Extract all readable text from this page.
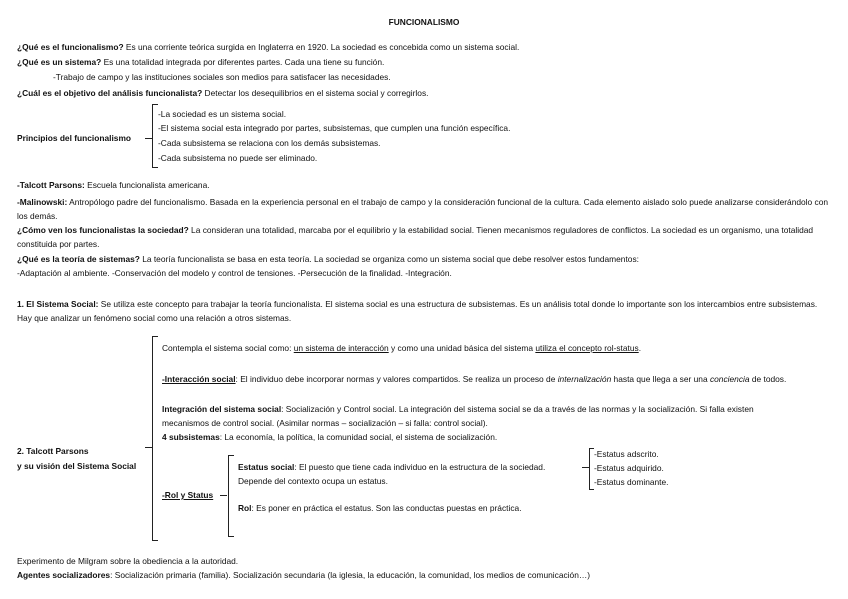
FUNCIONALISMO
¿Qué es el funcionalismo? Es una corriente teórica surgida en Inglaterra en 1920. La sociedad es concebida como un sistema social.
¿Qué es un sistema? Es una totalidad integrada por diferentes partes. Cada una tiene su función.
-Trabajo de campo y las instituciones sociales son medios para satisfacer las necesidades.
¿Cuál es el objetivo del análisis funcionalista? Detectar los desequilibrios en el sistema social y corregirlos.
Principios del funcionalismo
-La sociedad es un sistema social.
-El sistema social esta integrado por partes, subsistemas, que cumplen una función específica.
-Cada subsistema se relaciona con los demás subsistemas.
-Cada subsistema no puede ser eliminado.
-Talcott Parsons: Escuela funcionalista americana.
-Malinowski: Antropólogo padre del funcionalismo. Basada en la experiencia personal en el trabajo de campo y la consideración funcional de la cultura. Cada elemento aislado solo puede analizarse considerándolo con los demás.
¿Cómo ven los funcionalistas la sociedad? La consideran una totalidad, marcaba por el equilibrio y la estabilidad social. Tienen mecanismos reguladores de conflictos. La sociedad es un organismo, una totalidad constituida por partes.
¿Qué es la teoría de sistemas? La teoría funcionalista se basa en esta teoría. La sociedad se organiza como un sistema social que debe resolver estos fundamentos:
-Adaptación al ambiente. -Conservación del modelo y control de tensiones. -Persecución de la finalidad. -Integración.
1. El Sistema Social: Se utiliza este concepto para trabajar la teoría funcionalista. El sistema social es una estructura de subsistemas. Es un análisis total donde lo importante son los intercambios entre subsistemas. Hay que analizar un fenómeno social como una relación a otros sistemas.
2. Talcott Parsons
y su visión del Sistema Social
Contempla el sistema social como: un sistema de interacción y como una unidad básica del sistema utiliza el concepto rol-status.
-Interacción social: El individuo debe incorporar normas y valores compartidos. Se realiza un proceso de internalización hasta que llega a ser una conciencia de todos.
Integración del sistema social: Socialización y Control social. La integración del sistema social se da a través de las normas y la socialización. Si falla existen mecanismos de control social. (Asimilar normas – socialización – si falla: control social).
4 subsistemas: La economía, la política, la comunidad social, el sistema de socialización.
-Rol y Status
Estatus social: El puesto que tiene cada individuo en la estructura de la sociedad.
Depende del contexto ocupa un estatus.
-Estatus adscrito.
-Estatus adquirido.
-Estatus dominante.
Rol: Es poner en práctica el estatus. Son las conductas puestas en práctica.
Experimento de Milgram sobre la obediencia a la autoridad.
Agentes socializadores: Socialización primaria (familia). Socialización secundaria (la iglesia, la educación, la comunidad, los medios de comunicación…)
